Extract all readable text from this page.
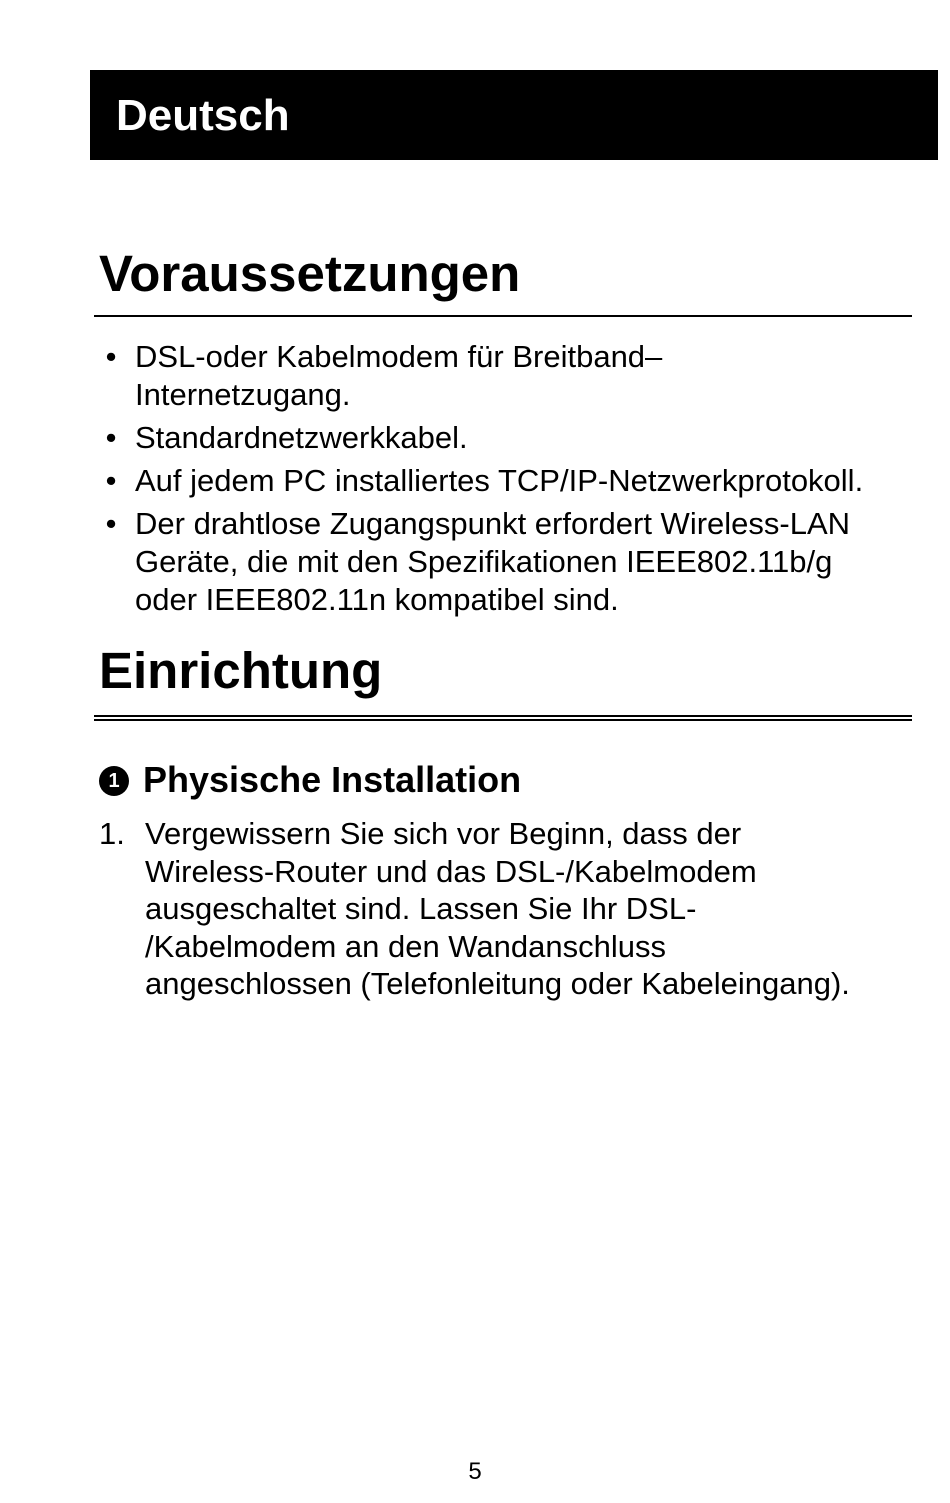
Deutsch
Voraussetzungen
• DSL-oder Kabelmodem für Breitband–
Internetzugang.
• Standardnetzwerkkabel.
• Auf jedem PC installiertes TCP/IP-Netzwerkprotokoll.
• Der drahtlose Zugangspunkt erfordert Wireless-LAN
Geräte, die mit den Spezifikationen IEEE802.11b/g
oder IEEE802.11n kompatibel sind.
Einrichtung
1 Physische Installation
1. Vergewissern Sie sich vor Beginn, dass der
Wireless-Router und das DSL-/Kabelmodem
ausgeschaltet sind. Lassen Sie Ihr DSL-
/Kabelmodem an den Wandanschluss
angeschlossen (Telefonleitung oder Kabeleingang).
5
